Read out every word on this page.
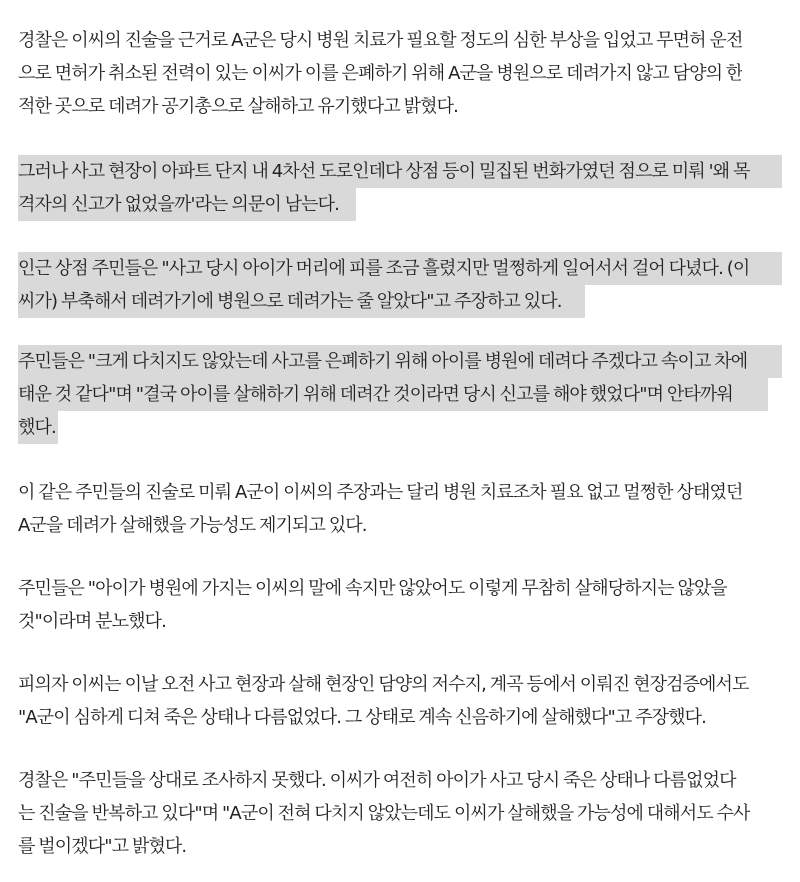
경찰은 이씨의 진술을 근거로 A군은 당시 병원 치료가 필요할 정도의 심한 부상을 입었고 무면허 운전
으로 면허가 취소된 전력이 있는 이씨가 이를 은폐하기 위해 A군을 병원으로 데려가지 않고 담양의 한
적한 곳으로 데려가 공기총으로 살해하고 유기했다고 밝혔다.
그러나 사고 현장이 아파트 단지 내 4차선 도로인데다 상점 등이 밀집된 번화가였던 점으로 미뤄 '왜 목
격자의 신고가 없었을까'라는 의문이 남는다.
인근 상점 주민들은 "사고 당시 아이가 머리에 피를 조금 흘렸지만 멀쩡하게 일어서서 걸어 다녔다. (이
씨가) 부축해서 데려가기에 병원으로 데려가는 줄 알았다"고 주장하고 있다.
주민들은 "크게 다치지도 않았는데 사고를 은폐하기 위해 아이를 병원에 데려다 주겠다고 속이고 차에
태운 것 같다"며 "결국 아이를 살해하기 위해 데려간 것이라면 당시 신고를 해야 했었다"며 안타까워
했다.
이 같은 주민들의 진술로 미뤄 A군이 이씨의 주장과는 달리 병원 치료조차 필요 없고 멀쩡한 상태였던
A군을 데려가 살해했을 가능성도 제기되고 있다.
주민들은 "아이가 병원에 가지는 이씨의 말에 속지만 않았어도 이렇게 무참히 살해당하지는 않았을
것"이라며 분노했다.
피의자 이씨는 이날 오전 사고 현장과 살해 현장인 담양의 저수지, 계곡 등에서 이뤄진 현장검증에서도
"A군이 심하게 디쳐 죽은 상태나 다름없었다. 그 상태로 계속 신음하기에 살해했다"고 주장했다.
경찰은 "주민들을 상대로 조사하지 못했다. 이씨가 여전히 아이가 사고 당시 죽은 상태나 다름없었다
는 진술을 반복하고 있다"며 "A군이 전혀 다치지 않았는데도 이씨가 살해했을 가능성에 대해서도 수사
를 벌이겠다"고 밝혔다.
